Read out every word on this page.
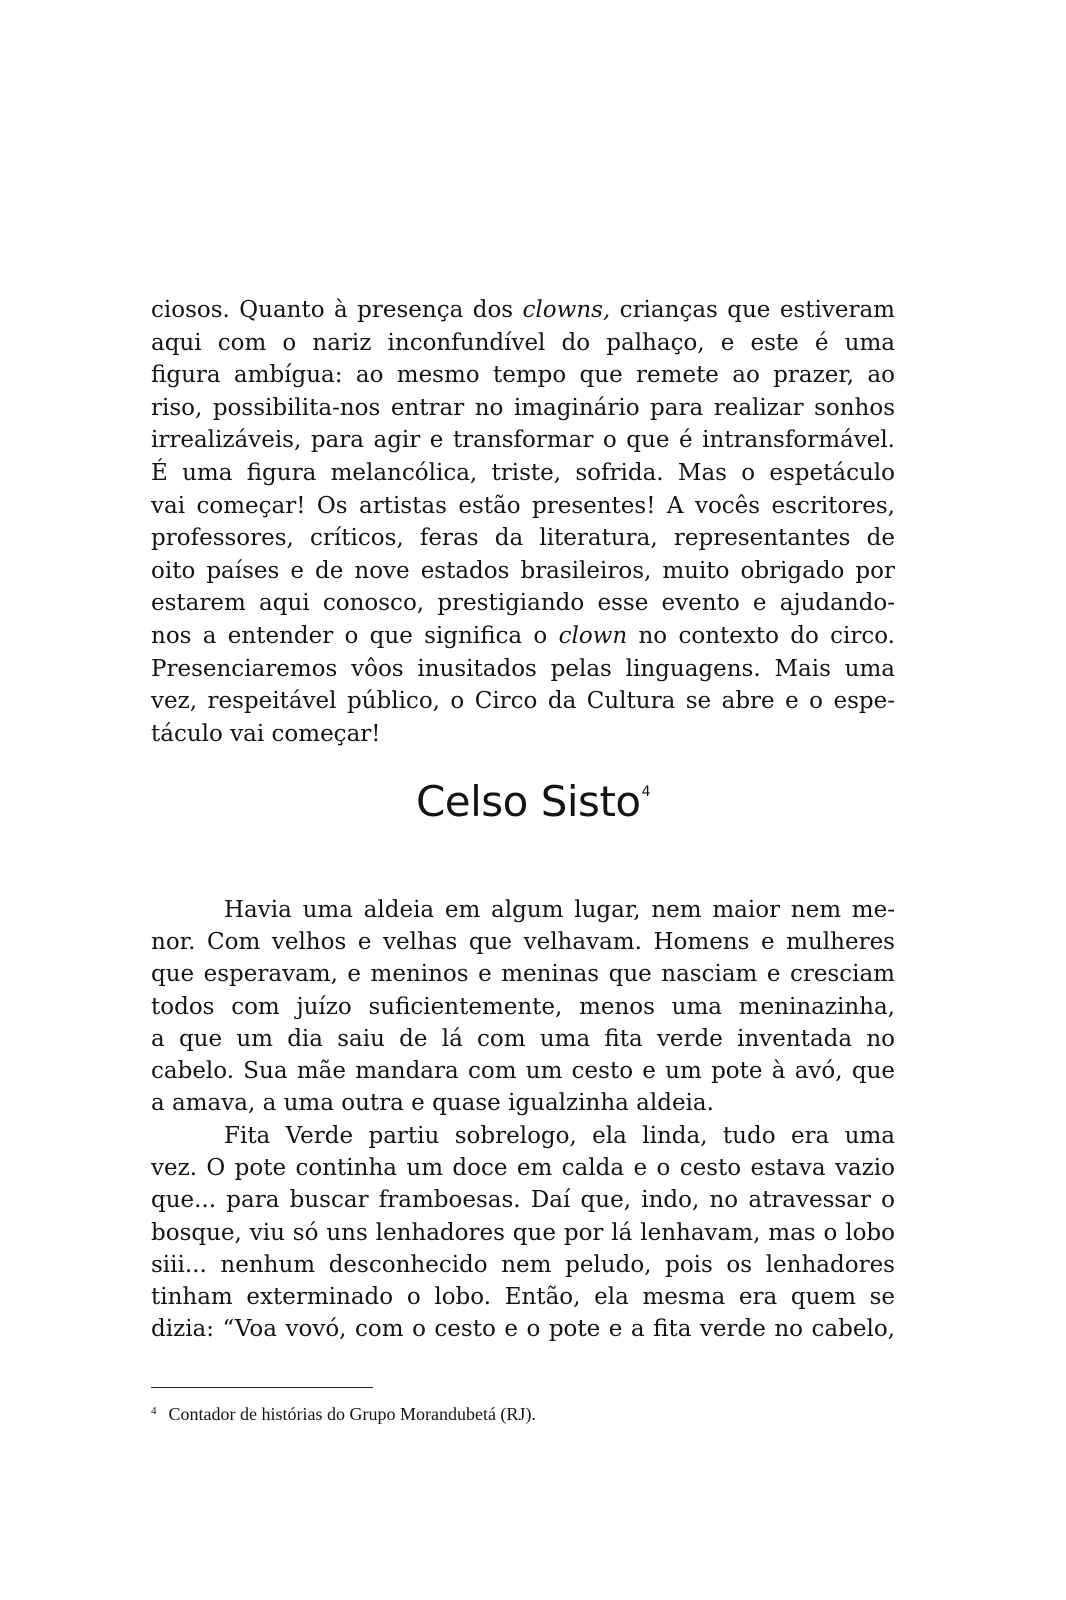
ciosos. Quanto à presença dos clowns, crianças que estiveram
aqui com o nariz inconfundível do palhaço, e este é uma
figura ambígua: ao mesmo tempo que remete ao prazer, ao
riso, possibilita-nos entrar no imaginário para realizar sonhos
irrealizáveis, para agir e transformar o que é intransformável.
É uma figura melancólica, triste, sofrida. Mas o espetáculo
vai começar! Os artistas estão presentes! A vocês escritores,
professores, críticos, feras da literatura, representantes de
oito países e de nove estados brasileiros, muito obrigado por
estarem aqui conosco, prestigiando esse evento e ajudando-
nos a entender o que significa o clown no contexto do circo.
Presenciaremos vôos inusitados pelas linguagens. Mais uma
vez, respeitável público, o Circo da Cultura se abre e o espe-
táculo vai começar!
Celso Sisto$^4$
Havia uma aldeia em algum lugar, nem maior nem me-
nor. Com velhos e velhas que velhavam. Homens e mulheres
que esperavam, e meninos e meninas que nasciam e cresciam
todos com juízo suficientemente, menos uma meninazinha,
a que um dia saiu de lá com uma fita verde inventada no
cabelo. Sua mãe mandara com um cesto e um pote à avó, que
a amava, a uma outra e quase igualzinha aldeia.
Fita Verde partiu sobrelogo, ela linda, tudo era uma
vez. O pote continha um doce em calda e o cesto estava vazio
que... para buscar framboesas. Daí que, indo, no atravessar o
bosque, viu só uns lenhadores que por lá lenhavam, mas o lobo
siii... nenhum desconhecido nem peludo, pois os lenhadores
tinham exterminado o lobo. Então, ela mesma era quem se
dizia: “Voa vovó, com o cesto e o pote e a fita verde no cabelo,
$^4$ Contador de histórias do Grupo Morandubetá (RJ).
